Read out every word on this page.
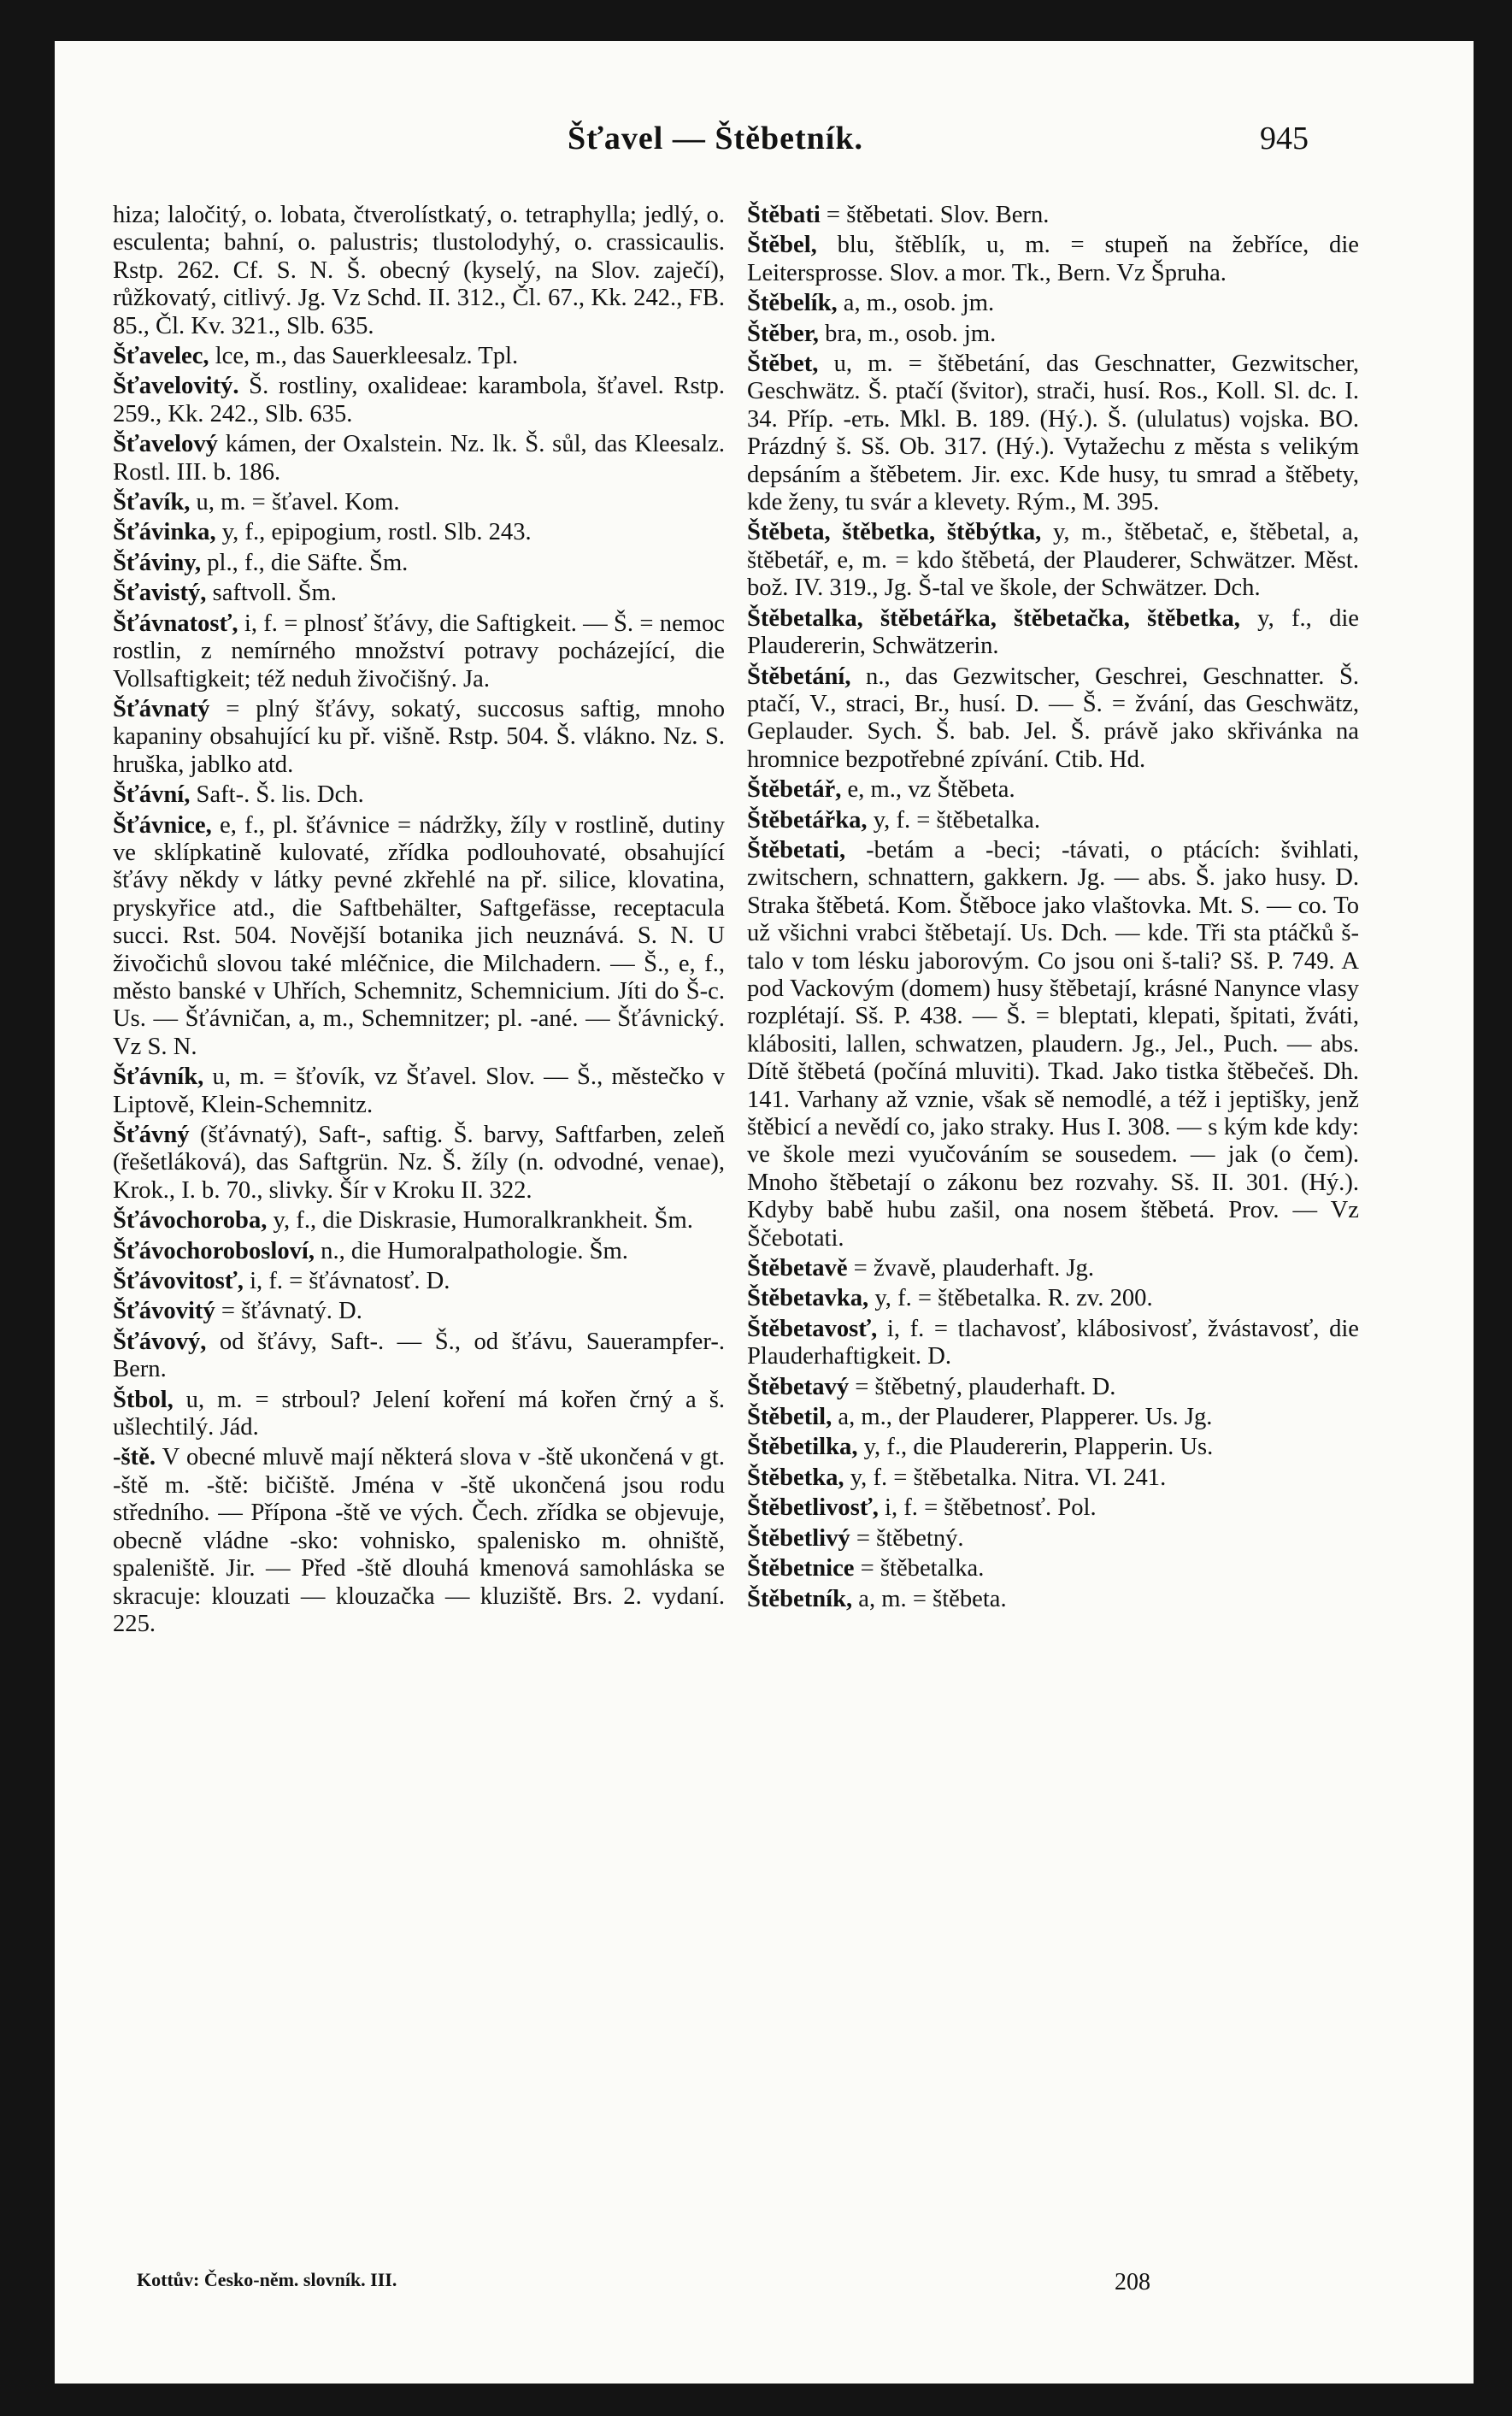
Šťavel — Štěbetník.	945
hiza; laločitý, o. lobata, čtverolístkatý, o. tetraphylla; jedlý, o. esculenta; bahní, o. palustris; tlustolodyhý, o. crassicaulis. Rstp. 262. Cf. S. N. Š. obecný (kyselý, na Slov. zaječí), růžkovatý, citlivý. Jg. Vz Schd. II. 312., Čl. 67., Kk. 242., FB. 85., Čl. Kv. 321., Slb. 635.
Šťavelec, lce, m., das Sauerkleesalz. Tpl.
Šťavelovitý. Š. rostliny, oxalideae: karambola, šťavel. Rstp. 259., Kk. 242., Slb. 635.
Šťavelový kámen, der Oxalstein. Nz. lk. Š. sůl, das Kleesalz. Rostl. III. b. 186.
Šťavík, u, m. = šťavel. Kom.
Šťávinka, y, f., epipogium, rostl. Slb. 243.
Šťáviny, pl., f., die Säfte. Šm.
Šťavistý, saftvoll. Šm.
Šťávnatosť, i, f. = plnosť šťávy, die Saftigkeit. — Š. = nemoc rostlin, z nemírného množství potravy pocházející, die Vollsaftigkeit; též neduh živočišný. Ja.
Šťávnatý = plný šťávy, sokatý, succosus saftig, mnoho kapaniny obsahující ku př. višně. Rstp. 504. Š. vlákno. Nz. S. hruška, jablko atd.
Šťávní, Saft-. Š. lis. Dch.
Šťávnice, e, f., pl. šťávnice = nádržky, žíly v rostlině, dutiny ve sklípkatině kulovaté, zřídka podlouhovaté, obsahující šťávy někdy v látky pevné zkřehlé na př. silice, klovatina, pryskyřice atd., die Saftbehälter, Saftgefässe, receptacula succi. Rst. 504. Novější botanika jich neuznává. S. N. U živočichů slovou také mléčnice, die Milchadern. — Š., e, f., město banské v Uhřích, Schemnitz, Schemnicium. Jíti do Š-c. Us. — Šťávničan, a, m., Schemnitzer; pl. -ané. — Šťávnický. Vz S. N.
Šťávník, u, m. = šťovík, vz Šťavel. Slov. — Š., městečko v Liptově, Klein-Schemnitz.
Šťávný (šťávnatý), Saft-, saftig. Š. barvy, Saftfarben, zeleň (řešetláková), das Saftgrün. Nz. Š. žíly (n. odvodné, venae), Krok., I. b. 70., slivky. Šír v Kroku II. 322.
Šťávochoroba, y, f., die Diskrasie, Humoralkrankheit. Šm.
Šťávochorobosloví, n., die Humoralpathologie. Šm.
Šťávovitosť, i, f. = šťávnatosť. D.
Šťávovitý = šťávnatý. D.
Šťávový, od šťávy, Saft-. — Š., od šťávu, Sauerampfer-. Bern.
Štbol, u, m. = strboul? Jelení koření má kořen črný a š. ušlechtilý. Jád.
-ště. V obecné mluvě mají některá slova v -ště ukončená v gt. -ště m. -ště: bičiště. Jména v -ště ukončená jsou rodu středního. — Přípona -ště ve vých. Čech. zřídka se objevuje, obecně vládne -sko: vohnisko, spalenisko m. ohniště, spaleniště. Jir. — Před -ště dlouhá kmenová samohláska se skracuje: klouzati — klouzačka — kluziště. Brs. 2. vydaní. 225.
Štěbati = štěbetati. Slov. Bern.
Štěbel, blu, štěblík, u, m. = stupeň na žebříce, die Leitersprosse. Slov. a mor. Tk., Bern. Vz Špruha.
Štěbelík, a, m., osob. jm.
Štěber, bra, m., osob. jm.
Štěbet, u, m. = štěbetání, das Geschnatter, Gezwitscher, Geschwätz. Š. ptačí (švitor), strači, husí. Ros., Koll. Sl. dc. I. 34. Příp. -еть. Mkl. B. 189. (Hý.). Š. (ululatus) vojska. BO. Prázdný š. Sš. Ob. 317. (Hý.). Vytažechu z města s velikým depsáním a štěbetem. Jir. exc. Kde husy, tu smrad a štěbety, kde ženy, tu svár a klevety. Rým., M. 395.
Štěbeta, štěbetka, štěbýtka, y, m., štěbetač, e, štěbetal, a, štěbetář, e, m. = kdo štěbetá, der Plauderer, Schwätzer. Měst. bož. IV. 319., Jg. Š-tal ve škole, der Schwätzer. Dch.
Štěbetalka, štěbetářka, štěbetačka, štěbetka, y, f., die Plaudererin, Schwätzerin.
Štěbetání, n., das Gezwitscher, Geschrei, Geschnatter. Š. ptačí, V., straci, Br., husí. D. — Š. = žvání, das Geschwätz, Geplauder. Sych. Š. bab. Jel. Š. právě jako skřivánka na hromnice bezpotřebné zpívání. Ctib. Hd.
Štěbetář, e, m., vz Štěbeta.
Štěbetářka, y, f. = štěbetalka.
Štěbetati, -betám a -beci; -távati, o ptácích: švihlati, zwitschern, schnattern, gakkern. Jg. — abs. Š. jako husy. D. Straka štěbetá. Kom. Štěboce jako vlaštovka. Mt. S. — co. To už všichni vrabci štěbetají. Us. Dch. — kde. Tři sta ptáčků š-talo v tom lésku jaborovým. Co jsou oni š-tali? Sš. P. 749. A pod Vackovým (domem) husy štěbetají, krásné Nanynce vlasy rozplétají. Sš. P. 438. — Š. = bleptati, klepati, špitati, žváti, klábositi, lallen, schwatzen, plaudern. Jg., Jel., Puch. — abs. Dítě štěbetá (počíná mluviti). Tkad. Jako tistka štěbečeš. Dh. 141. Varhany až vznie, však sě nemodlé, a též i jeptišky, jenž štěbicí a nevědí co, jako straky. Hus I. 308. — s kým kde kdy: ve škole mezi vyučováním se sousedem. — jak (o čem). Mnoho štěbetají o zákonu bez rozvahy. Sš. II. 301. (Hý.). Kdyby babě hubu zašil, ona nosem štěbetá. Prov. — Vz Ščebotati.
Štěbetavě = žvavě, plauderhaft. Jg.
Štěbetavka, y, f. = štěbetalka. R. zv. 200.
Štěbetavosť, i, f. = tlachavosť, klábosivosť, žvástavosť, die Plauderhaftigkeit. D.
Štěbetavý = štěbetný, plauderhaft. D.
Štěbetil, a, m., der Plauderer, Plapperer. Us. Jg.
Štěbetilka, y, f., die Plaudererin, Plapperin. Us.
Štěbetka, y, f. = štěbetalka. Nitra. VI. 241.
Štěbetlivosť, i, f. = štěbetnosť. Pol.
Štěbetlivý = štěbetný.
Štěbetnice = štěbetalka.
Štěbetník, a, m. = štěbeta.
Kottův: Česko-něm. slovník. III.	208
